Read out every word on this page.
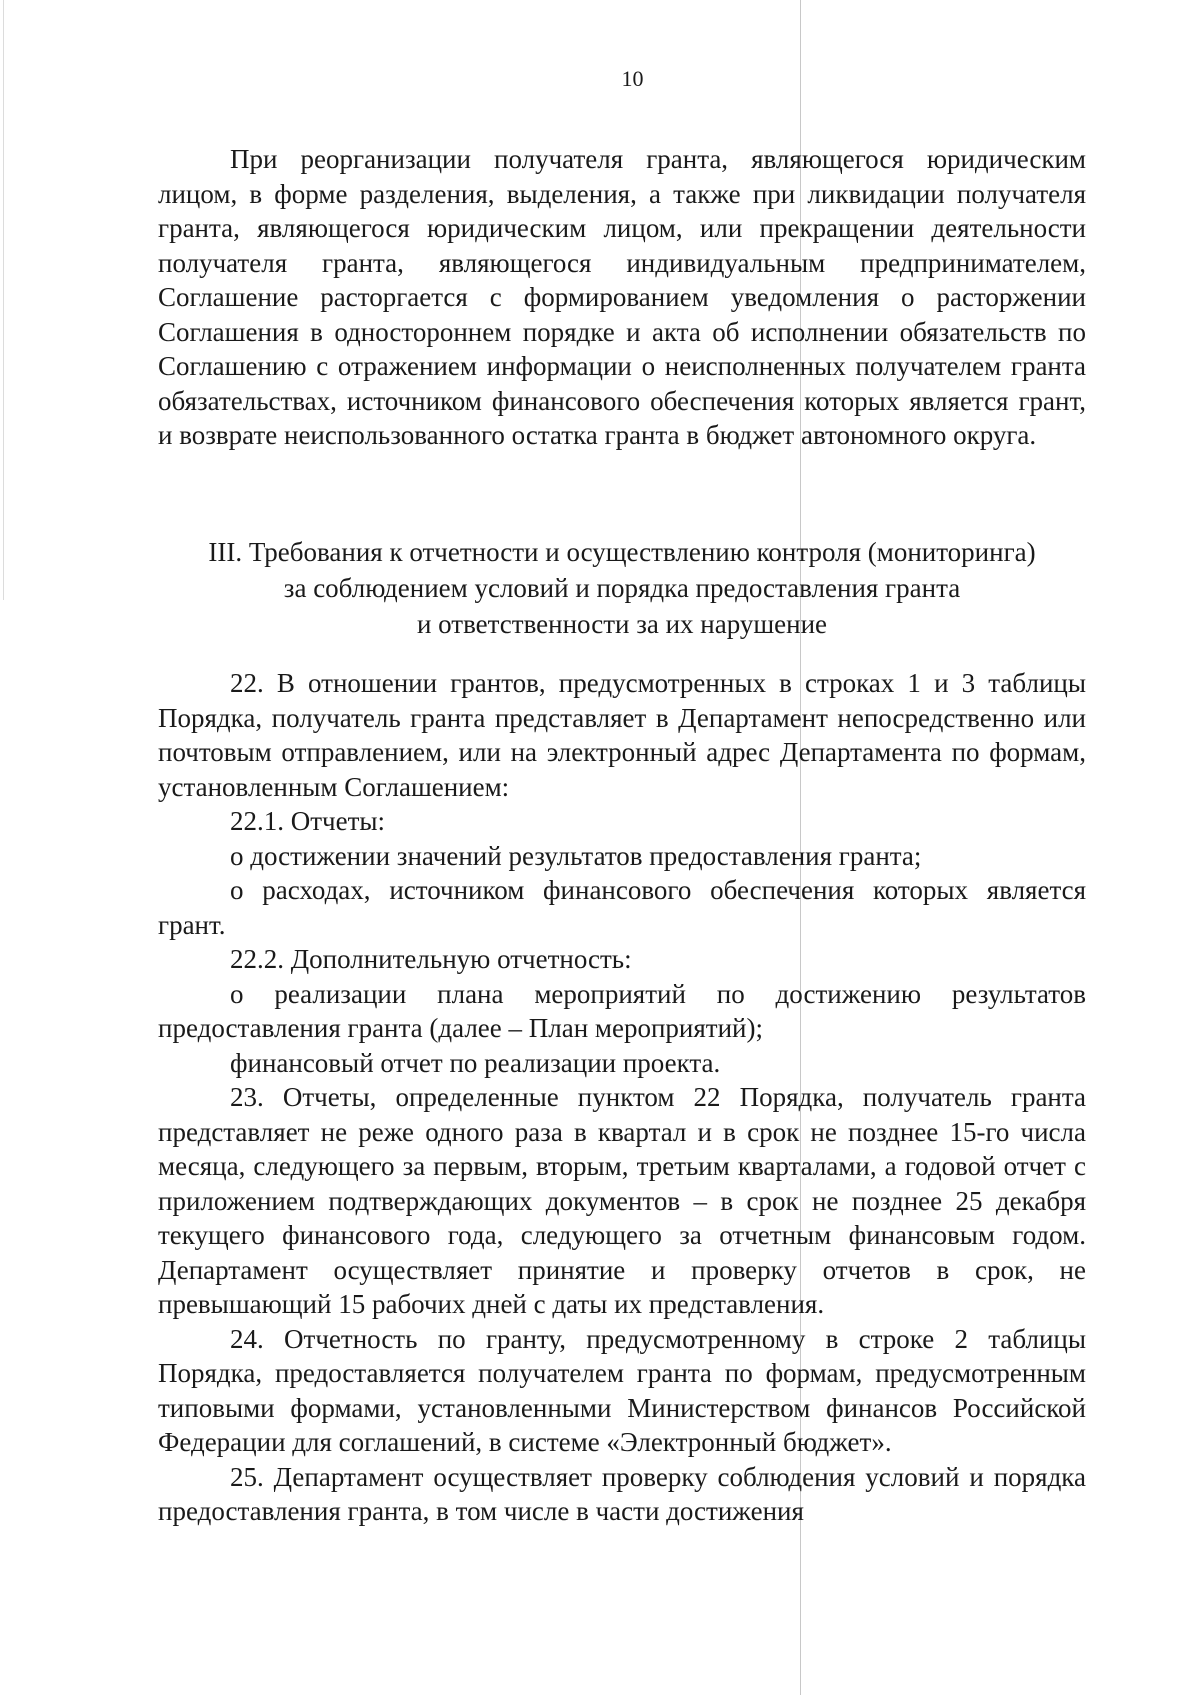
10

При реорганизации получателя гранта, являющегося юридическим лицом, в форме разделения, выделения, а также при ликвидации получателя гранта, являющегося юридическим лицом, или прекращении деятельности получателя гранта, являющегося индивидуальным предпринимателем, Соглашение расторгается с формированием уведомления о расторжении Соглашения в одностороннем порядке и акта об исполнении обязательств по Соглашению с отражением информации о неисполненных получателем гранта обязательствах, источником финансового обеспечения которых является грант, и возврате неиспользованного остатка гранта в бюджет автономного округа.

III. Требования к отчетности и осуществлению контроля (мониторинга)
за соблюдением условий и порядка предоставления гранта
и ответственности за их нарушение

22. В отношении грантов, предусмотренных в строках 1 и 3 таблицы Порядка, получатель гранта представляет в Департамент непосредственно или почтовым отправлением, или на электронный адрес Департамента по формам, установленным Соглашением:

22.1. Отчеты:

о достижении значений результатов предоставления гранта;

о расходах, источником финансового обеспечения которых является грант.

22.2. Дополнительную отчетность:

о реализации плана мероприятий по достижению результатов предоставления гранта (далее – План мероприятий);

финансовый отчет по реализации проекта.

23. Отчеты, определенные пунктом 22 Порядка, получатель гранта представляет не реже одного раза в квартал и в срок не позднее 15-го числа месяца, следующего за первым, вторым, третьим кварталами, а годовой отчет с приложением подтверждающих документов – в срок не позднее 25 декабря текущего финансового года, следующего за отчетным финансовым годом. Департамент осуществляет принятие и проверку отчетов в срок, не превышающий 15 рабочих дней с даты их представления.

24. Отчетность по гранту, предусмотренному в строке 2 таблицы Порядка, предоставляется получателем гранта по формам, предусмотренным типовыми формами, установленными Министерством финансов Российской Федерации для соглашений, в системе «Электронный бюджет».

25. Департамент осуществляет проверку соблюдения условий и порядка предоставления гранта, в том числе в части достижения
